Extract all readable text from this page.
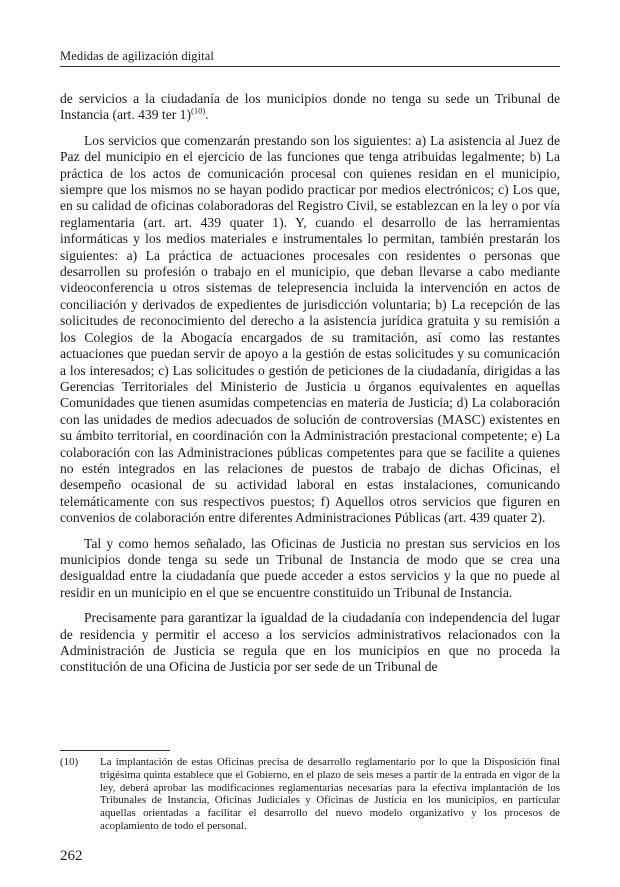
Medidas de agilización digital

de servicios a la ciudadanía de los municipios donde no tenga su sede un Tribunal de Instancia (art. 439 ter 1)$^{(10)}$.

Los servicios que comenzarán prestando son los siguientes: a) La asistencia al Juez de Paz del municipio en el ejercicio de las funciones que tenga atribuidas legalmente; b) La práctica de los actos de comunicación procesal con quienes residan en el municipio, siempre que los mismos no se hayan podido practicar por medios electrónicos; c) Los que, en su calidad de oficinas colaboradoras del Registro Civil, se establezcan en la ley o por vía reglamentaria (art. art. 439 quater 1). Y, cuando el desarrollo de las herramientas informáticas y los medios materiales e instrumentales lo permitan, también prestarán los siguientes: a) La práctica de actuaciones procesales con residentes o personas que desarrollen su profesión o trabajo en el municipio, que deban llevarse a cabo mediante videoconferencia u otros sistemas de telepresencia incluida la intervención en actos de conciliación y derivados de expedientes de jurisdicción voluntaria; b) La recepción de las solicitudes de reconocimiento del derecho a la asistencia jurídica gratuita y su remisión a los Colegios de la Abogacía encargados de su tramitación, así como las restantes actuaciones que puedan servir de apoyo a la gestión de estas solicitudes y su comunicación a los interesados; c) Las solicitudes o gestión de peticiones de la ciudadanía, dirigidas a las Gerencias Territoriales del Ministerio de Justicia u órganos equivalentes en aquellas Comunidades que tienen asumidas competencias en materia de Justicia; d) La colaboración con las unidades de medios adecuados de solución de controversias (MASC) existentes en su ámbito territorial, en coordinación con la Administración prestacional competente; e) La colaboración con las Administraciones públicas competentes para que se facilite a quienes no estén integrados en las relaciones de puestos de trabajo de dichas Oficinas, el desempeño ocasional de su actividad laboral en estas instalaciones, comunicando telemáticamente con sus respectivos puestos; f) Aquellos otros servicios que figuren en convenios de colaboración entre diferentes Administraciones Públicas (art. 439 quater 2).

Tal y como hemos señalado, las Oficinas de Justicia no prestan sus servicios en los municipios donde tenga su sede un Tribunal de Instancia de modo que se crea una desigualdad entre la ciudadanía que puede acceder a estos servicios y la que no puede al residir en un municipio en el que se encuentre constituido un Tribunal de Instancia.

Precisamente para garantizar la igualdad de la ciudadanía con independencia del lugar de residencia y permitir el acceso a los servicios administrativos relacionados con la Administración de Justicia se regula que en los municipios en que no proceda la constitución de una Oficina de Justicia por ser sede de un Tribunal de

(10)	La implantación de estas Oficinas precisa de desarrollo reglamentario por lo que la Disposición final trigésima quinta establece que el Gobierno, en el plazo de seis meses a partir de la entrada en vigor de la ley, deberá aprobar las modificaciones reglamentarias necesarias para la efectiva implantación de los Tribunales de Instancia, Oficinas Judiciales y Oficinas de Justicia en los municipios, en particular aquellas orientadas a facilitar el desarrollo del nuevo modelo organizativo y los procesos de acoplamiento de todo el personal.
262
